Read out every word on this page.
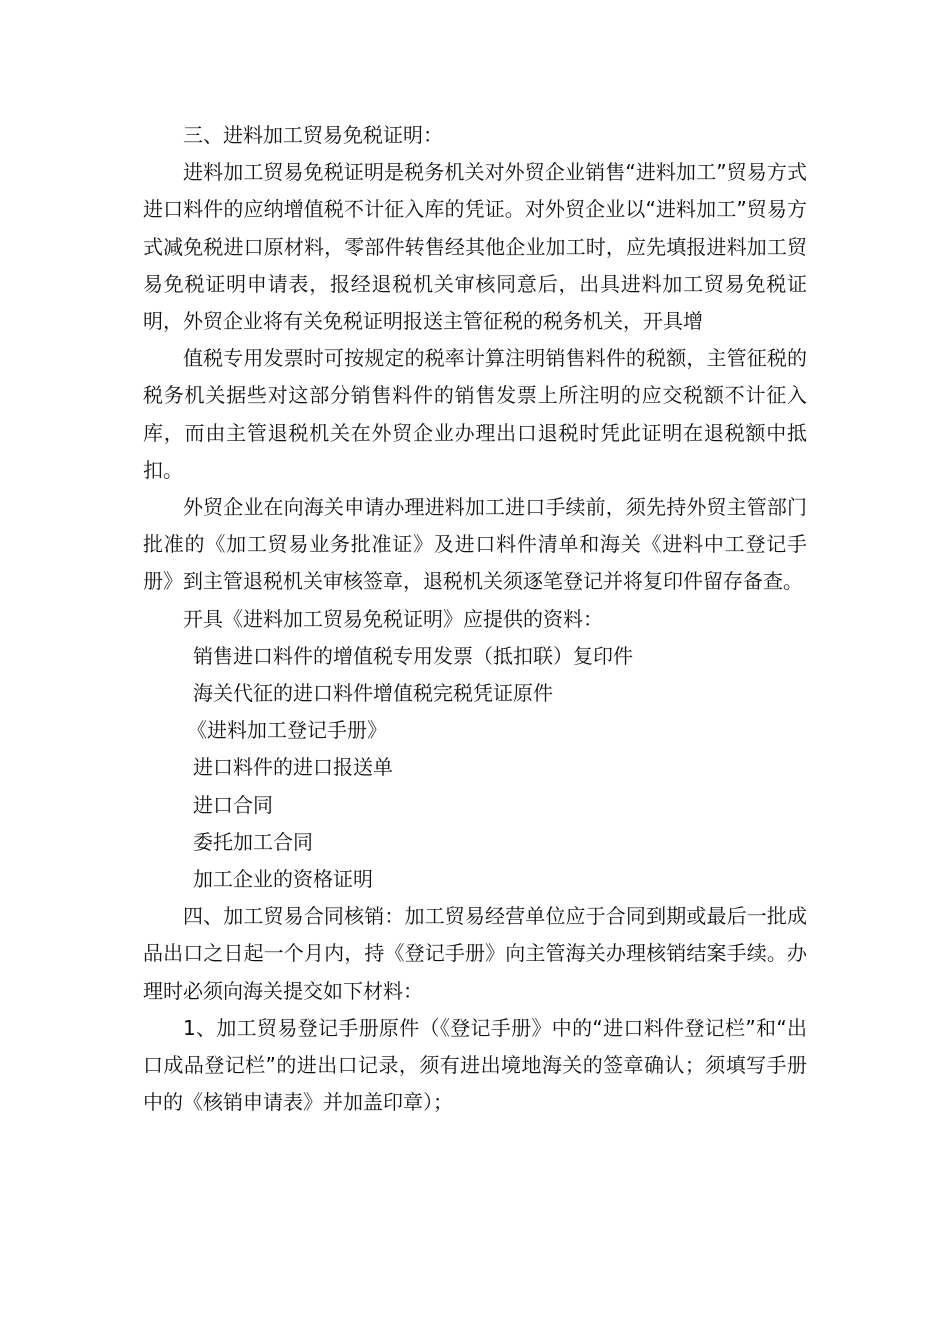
三、进料加工贸易免税证明：

进料加工贸易免税证明是税务机关对外贸企业销售“进料加工”贸易方式进口料件的应纳增值税不计征入库的凭证。对外贸企业以“进料加工”贸易方式减免税进口原材料，零部件转售经其他企业加工时，应先填报进料加工贸易免税证明申请表，报经退税机关审核同意后，出具进料加工贸易免税证明，外贸企业将有关免税证明报送主管征税的税务机关，开具增

值税专用发票时可按规定的税率计算注明销售料件的税额，主管征税的税务机关据些对这部分销售料件的销售发票上所注明的应交税额不计征入库，而由主管退税机关在外贸企业办理出口退税时凭此证明在退税额中抵扣。

外贸企业在向海关申请办理进料加工进口手续前，须先持外贸主管部门批准的《加工贸易业务批准证》及进口料件清单和海关《进料中工登记手册》到主管退税机关审核签章，退税机关须逐笔登记并将复印件留存备查。

开具《进料加工贸易免税证明》应提供的资料：

销售进口料件的增值税专用发票（抵扣联）复印件

海关代征的进口料件增值税完税凭证原件

《进料加工登记手册》

进口料件的进口报送单

进口合同

委托加工合同

加工企业的资格证明

四、加工贸易合同核销：加工贸易经营单位应于合同到期或最后一批成品出口之日起一个月内，持《登记手册》向主管海关办理核销结案手续。办理时必须向海关提交如下材料：

1、加工贸易登记手册原件（《登记手册》中的“进口料件登记栏”和“出口成品登记栏”的进出口记录，须有进出境地海关的签章确认；须填写手册中的《核销申请表》并加盖印章）；
